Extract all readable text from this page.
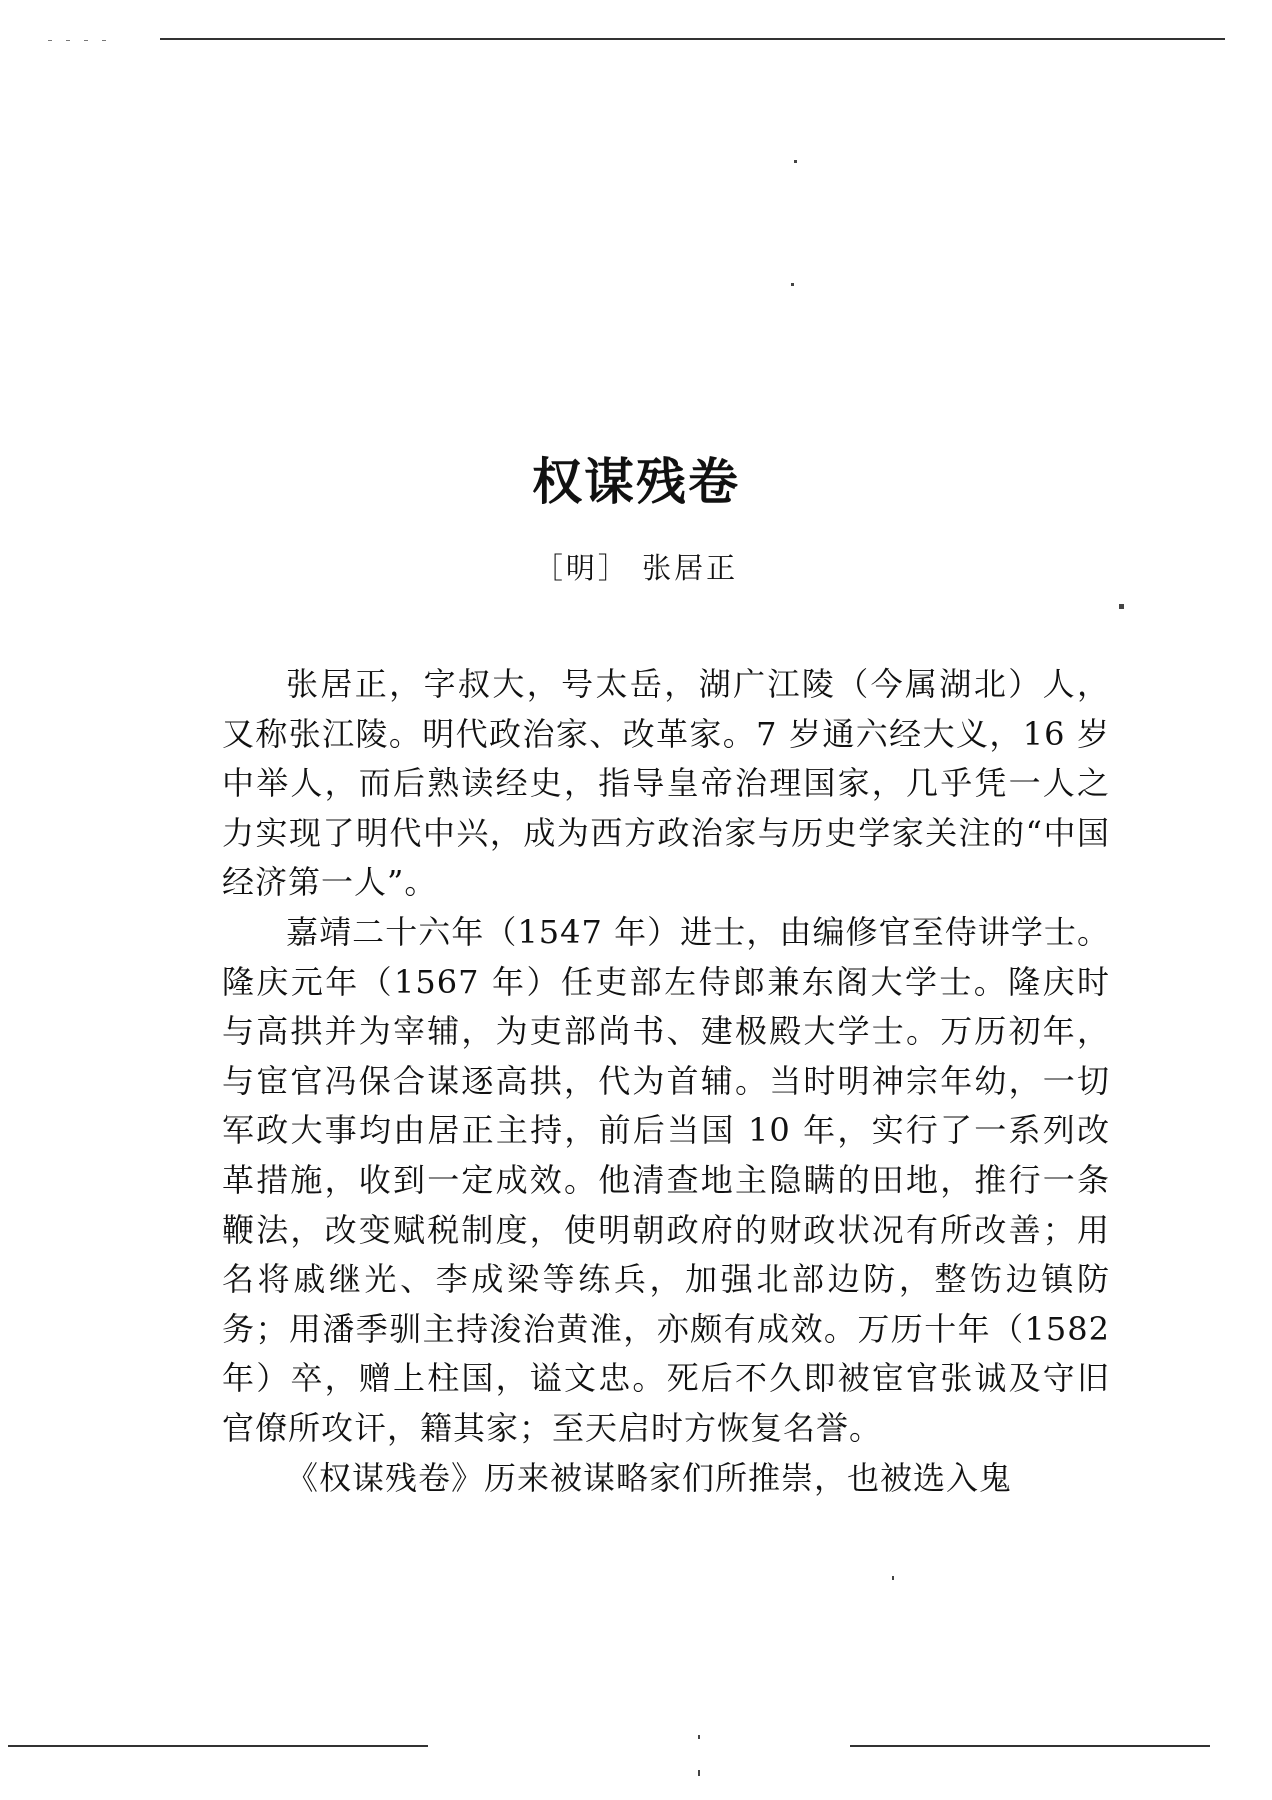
权谋残卷
［明］ 张居正

张居正，字叔大，号太岳，湖广江陵（今属湖北）人，又称张江陵。明代政治家、改革家。7 岁通六经大义，16 岁中举人，而后熟读经史，指导皇帝治理国家，几乎凭一人之力实现了明代中兴，成为西方政治家与历史学家关注的“中国经济第一人”。

嘉靖二十六年（1547 年）进士，由编修官至侍讲学士。隆庆元年（1567 年）任吏部左侍郎兼东阁大学士。隆庆时与高拱并为宰辅，为吏部尚书、建极殿大学士。万历初年，与宦官冯保合谋逐高拱，代为首辅。当时明神宗年幼，一切军政大事均由居正主持，前后当国 10 年，实行了一系列改革措施，收到一定成效。他清查地主隐瞒的田地，推行一条鞭法，改变赋税制度，使明朝政府的财政状况有所改善；用名将戚继光、李成梁等练兵，加强北部边防，整饬边镇防务；用潘季驯主持浚治黄淮，亦颇有成效。万历十年（1582 年）卒，赠上柱国，谥文忠。死后不久即被宦官张诚及守旧官僚所攻讦，籍其家；至天启时方恢复名誉。

《权谋残卷》历来被谋略家们所推崇，也被选入鬼
